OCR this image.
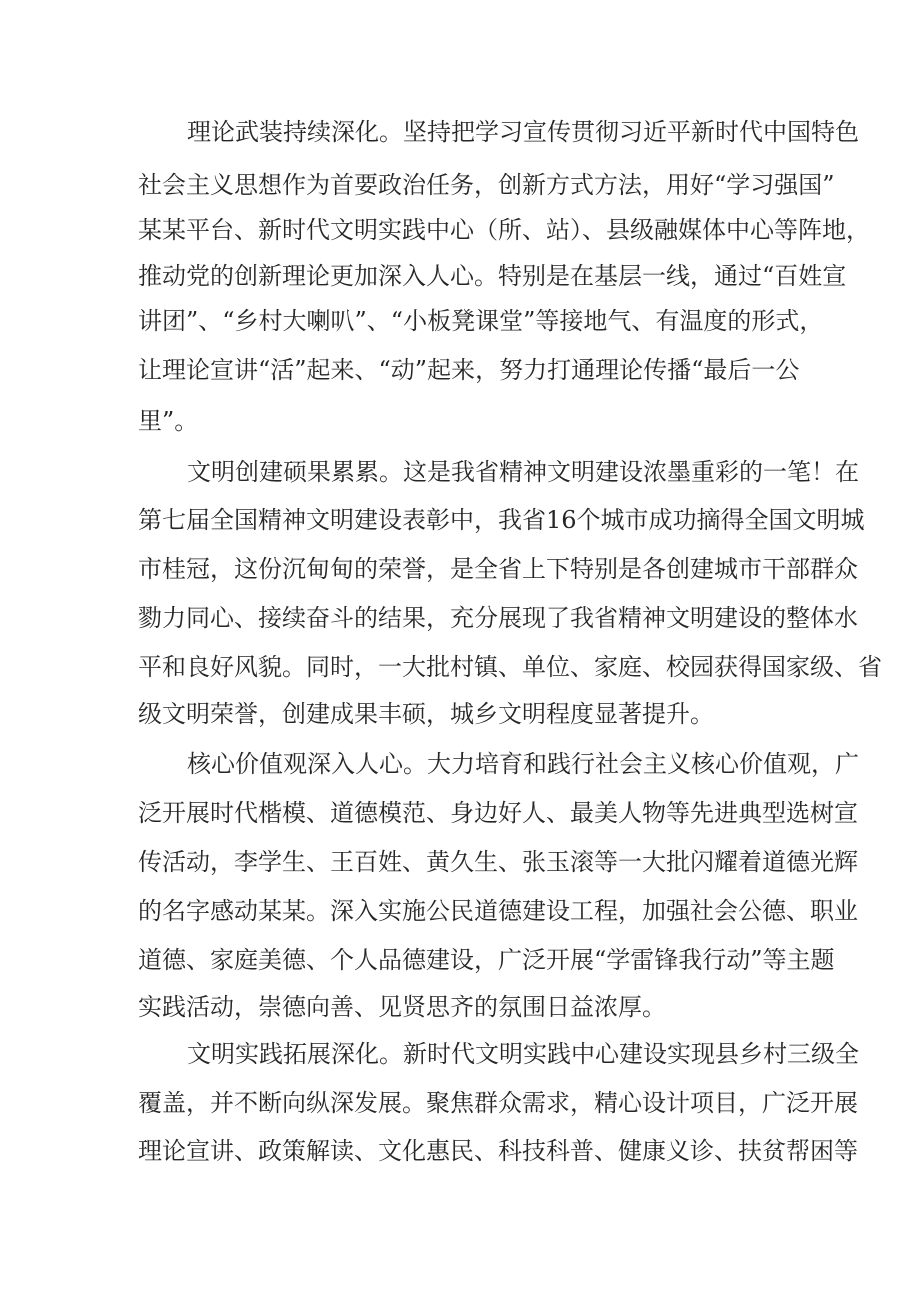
理论武装持续深化。坚持把学习宣传贯彻习近平新时代中国特色
社会主义思想作为首要政治任务，创新方式方法，用好“学习强国”
某某平台、新时代文明实践中心（所、站）、县级融媒体中心等阵地，
推动党的创新理论更加深入人心。特别是在基层一线，通过“百姓宣
讲团”、“乡村大喇叭”、“小板凳课堂”等接地气、有温度的形式，
让理论宣讲“活”起来、“动”起来，努力打通理论传播“最后一公
里”。
文明创建硕果累累。这是我省精神文明建设浓墨重彩的一笔！在
第七届全国精神文明建设表彰中，我省16个城市成功摘得全国文明城
市桂冠，这份沉甸甸的荣誉，是全省上下特别是各创建城市干部群众
勠力同心、接续奋斗的结果，充分展现了我省精神文明建设的整体水
平和良好风貌。同时，一大批村镇、单位、家庭、校园获得国家级、省
级文明荣誉，创建成果丰硕，城乡文明程度显著提升。
核心价值观深入人心。大力培育和践行社会主义核心价值观，广
泛开展时代楷模、道德模范、身边好人、最美人物等先进典型选树宣
传活动，李学生、王百姓、黄久生、张玉滚等一大批闪耀着道德光辉
的名字感动某某。深入实施公民道德建设工程，加强社会公德、职业
道德、家庭美德、个人品德建设，广泛开展“学雷锋我行动”等主题
实践活动，崇德向善、见贤思齐的氛围日益浓厚。
文明实践拓展深化。新时代文明实践中心建设实现县乡村三级全
覆盖，并不断向纵深发展。聚焦群众需求，精心设计项目，广泛开展
理论宣讲、政策解读、文化惠民、科技科普、健康义诊、扶贫帮困等
